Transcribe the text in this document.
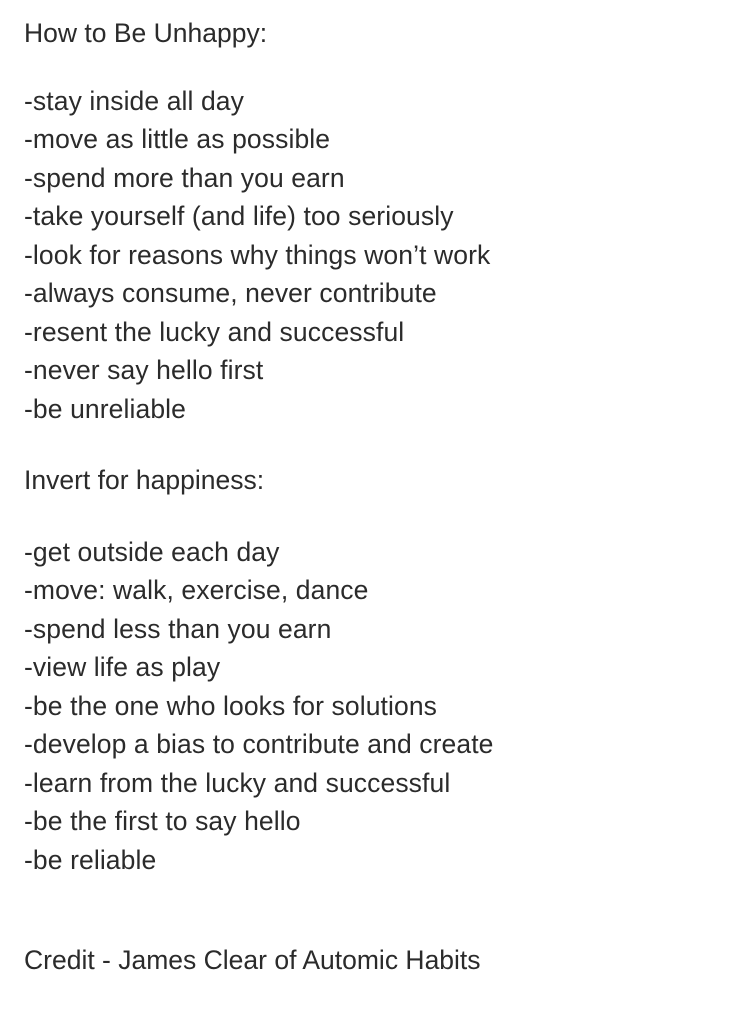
How to Be Unhappy:
-stay inside all day
-move as little as possible
-spend more than you earn
-take yourself (and life) too seriously
-look for reasons why things won’t work
-always consume, never contribute
-resent the lucky and successful
-never say hello first
-be unreliable
Invert for happiness:
-get outside each day
-move: walk, exercise, dance
-spend less than you earn
-view life as play
-be the one who looks for solutions
-develop a bias to contribute and create
-learn from the lucky and successful
-be the first to say hello
-be reliable
Credit - James Clear of Automic Habits
